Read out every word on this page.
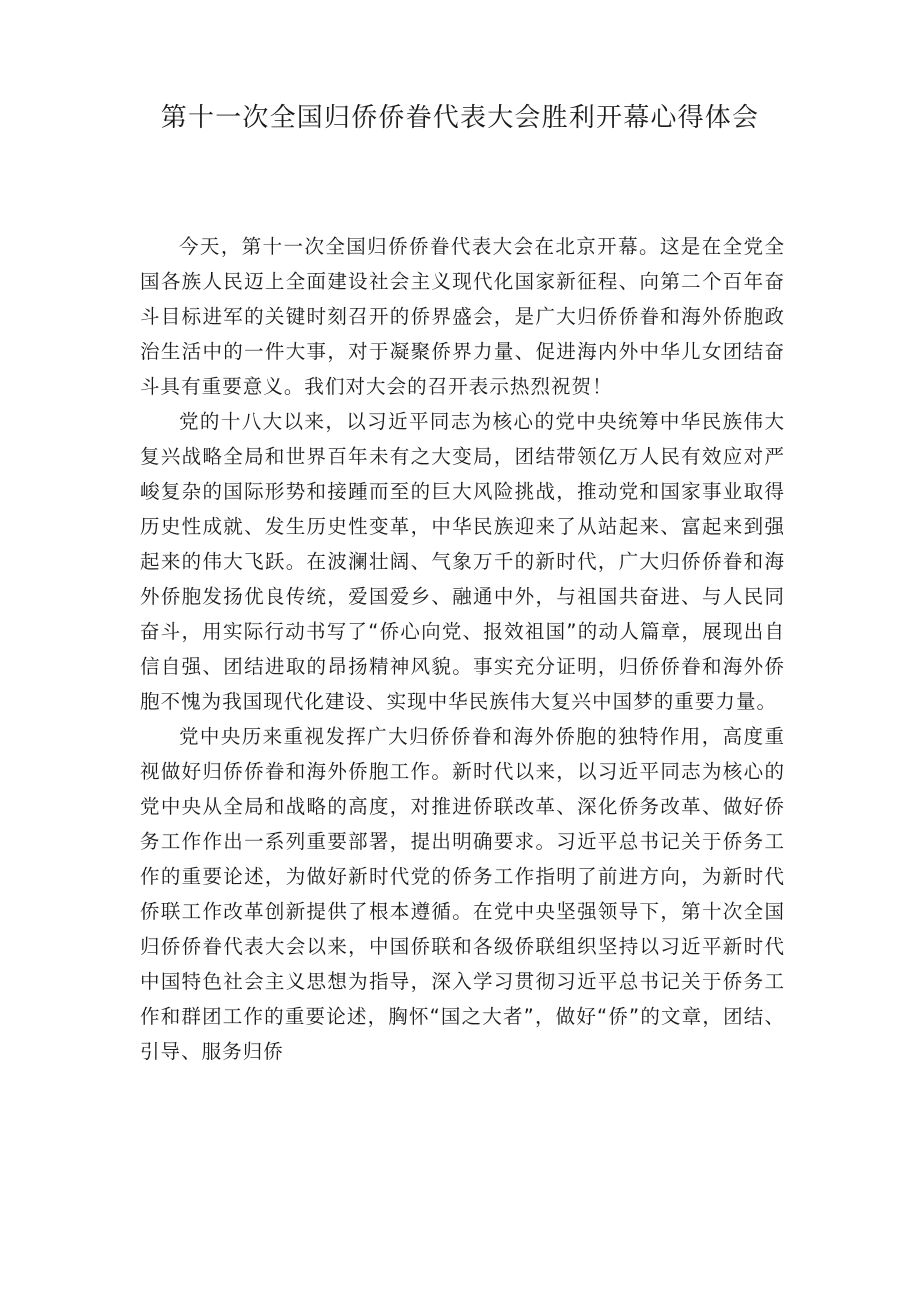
第十一次全国归侨侨眷代表大会胜利开幕心得体会

今天，第十一次全国归侨侨眷代表大会在北京开幕。这是在全党全国各族人民迈上全面建设社会主义现代化国家新征程、向第二个百年奋斗目标进军的关键时刻召开的侨界盛会，是广大归侨侨眷和海外侨胞政治生活中的一件大事，对于凝聚侨界力量、促进海内外中华儿女团结奋斗具有重要意义。我们对大会的召开表示热烈祝贺！

党的十八大以来，以习近平同志为核心的党中央统筹中华民族伟大复兴战略全局和世界百年未有之大变局，团结带领亿万人民有效应对严峻复杂的国际形势和接踵而至的巨大风险挑战，推动党和国家事业取得历史性成就、发生历史性变革，中华民族迎来了从站起来、富起来到强起来的伟大飞跃。在波澜壮阔、气象万千的新时代，广大归侨侨眷和海外侨胞发扬优良传统，爱国爱乡、融通中外，与祖国共奋进、与人民同奋斗，用实际行动书写了“侨心向党、报效祖国”的动人篇章，展现出自信自强、团结进取的昂扬精神风貌。事实充分证明，归侨侨眷和海外侨胞不愧为我国现代化建设、实现中华民族伟大复兴中国梦的重要力量。

党中央历来重视发挥广大归侨侨眷和海外侨胞的独特作用，高度重视做好归侨侨眷和海外侨胞工作。新时代以来，以习近平同志为核心的党中央从全局和战略的高度，对推进侨联改革、深化侨务改革、做好侨务工作作出一系列重要部署，提出明确要求。习近平总书记关于侨务工作的重要论述，为做好新时代党的侨务工作指明了前进方向，为新时代侨联工作改革创新提供了根本遵循。在党中央坚强领导下，第十次全国归侨侨眷代表大会以来，中国侨联和各级侨联组织坚持以习近平新时代中国特色社会主义思想为指导，深入学习贯彻习近平总书记关于侨务工作和群团工作的重要论述，胸怀“国之大者”，做好“侨”的文章，团结、引导、服务归侨
